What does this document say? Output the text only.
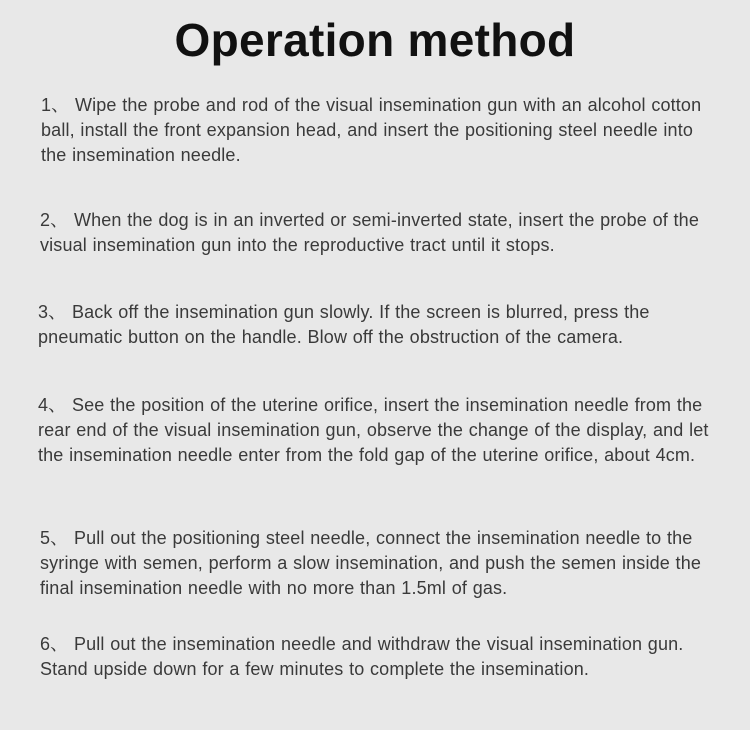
Operation method

1、 Wipe the probe and rod of the visual insemination gun with an alcohol cotton ball, install the front expansion head, and insert the positioning steel needle into the insemination needle.

2、 When the dog is in an inverted or semi-inverted state, insert the probe of the visual insemination gun into the reproductive tract until it stops.

3、 Back off the insemination gun slowly. If the screen is blurred, press the pneumatic button on the handle. Blow off the obstruction of the camera.

4、 See the position of the uterine orifice, insert the insemination needle from the rear end of the visual insemination gun, observe the change of the display, and let the insemination needle enter from the fold gap of the uterine orifice, about 4cm.

5、 Pull out the positioning steel needle, connect the insemination needle to the syringe with semen, perform a slow insemination, and push the semen inside the final insemination needle with no more than 1.5ml of gas.

6、 Pull out the insemination needle and withdraw the visual insemination gun. Stand upside down for a few minutes to complete the insemination.
